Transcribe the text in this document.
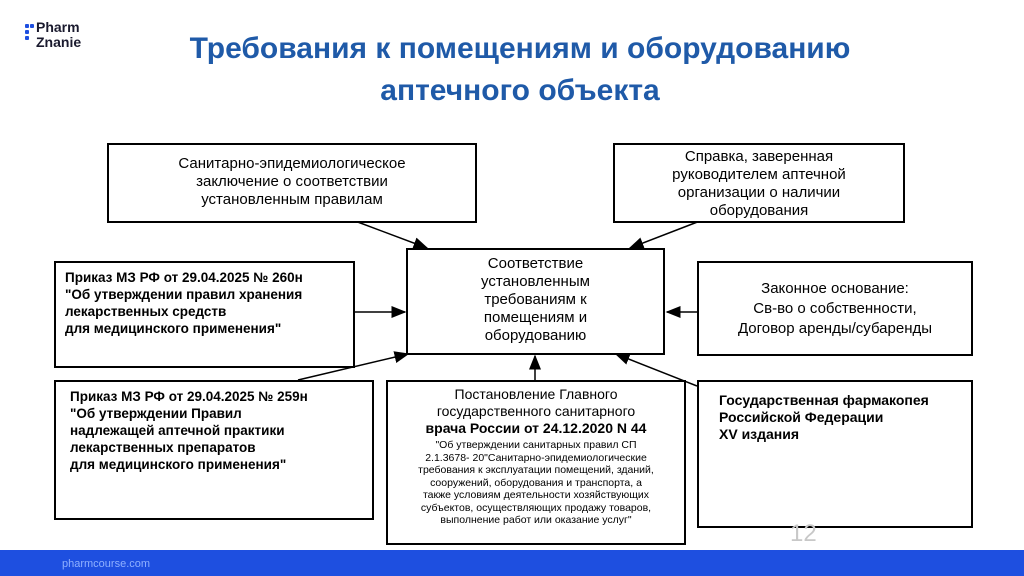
Pharm
Znanie	Требования к помещениям и оборудованию
аптечного объекта
Санитарно-эпидемиологическое
заключение о соответствии
установленным правилам
Справка, заверенная
руководителем аптечной
организации о наличии
оборудования
Соответствие
установленным
требованиям к
помещениям и
оборудованию
Приказ МЗ РФ от 29.04.2025 № 260н
"Об утверждении правил хранения
лекарственных средств
для медицинского применения"
Законное основание:
Св-во о собственности,
Договор аренды/субаренды
Приказ МЗ РФ от 29.04.2025 № 259н
"Об утверждении Правил
надлежащей аптечной практики
лекарственных препаратов
для медицинского применения"
Постановление Главного
государственного санитарного
врача России от 24.12.2020 N 44
"Об утверждении санитарных правил СП
2.1.3678- 20"Санитарно-эпидемиологические
требования к эксплуатации помещений, зданий,
сооружений, оборудования и транспорта, а
также условиям деятельности хозяйствующих
субъектов, осуществляющих продажу товаров,
выполнение работ или оказание услуг"
Государственная фармакопея
Российской Федерации
XV издания
12
pharmcourse.com
